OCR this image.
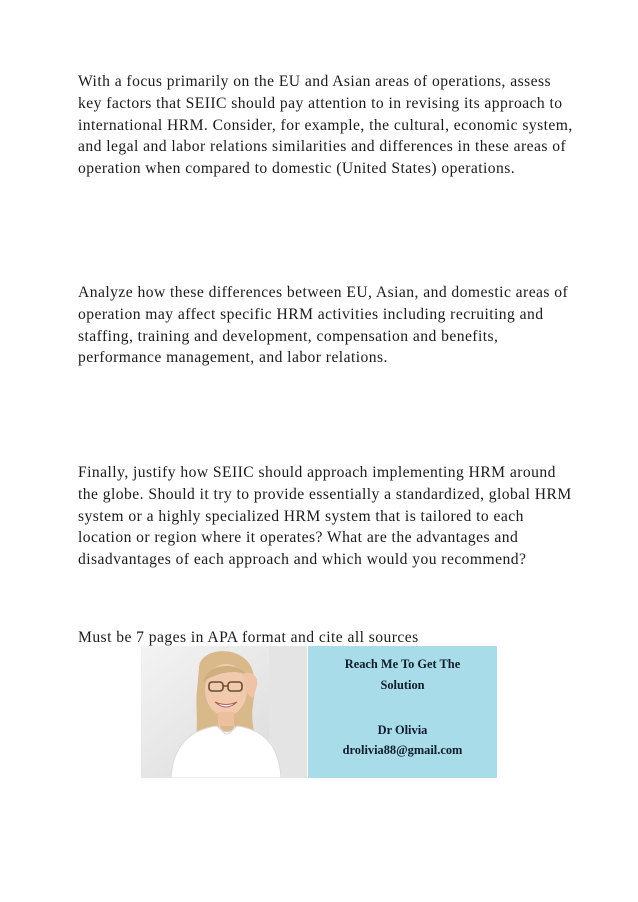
With a focus primarily on the EU and Asian areas of operations, assess key factors that SEIIC should pay attention to in revising its approach to international HRM. Consider, for example, the cultural, economic system, and legal and labor relations similarities and differences in these areas of operation when compared to domestic (United States) operations.

Analyze how these differences between EU, Asian, and domestic areas of operation may affect specific HRM activities including recruiting and staffing, training and development, compensation and benefits, performance management, and labor relations.

Finally, justify how SEIIC should approach implementing HRM around the globe. Should it try to provide essentially a standardized, global HRM system or a highly specialized HRM system that is tailored to each location or region where it operates? What are the advantages and disadvantages of each approach and which would you recommend?

Must be 7 pages in APA format and cite all sources

Reach Me To Get The
Solution
Dr Olivia
drolivia88@gmail.com
